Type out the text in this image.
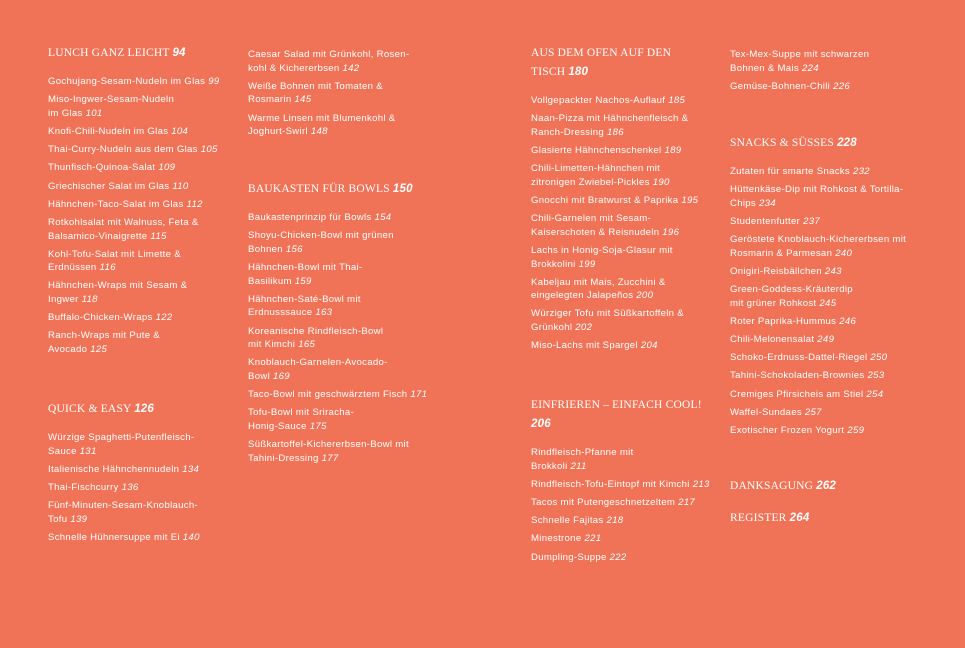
LUNCH GANZ LEICHT 94
Gochujang-Sesam-Nudeln im Glas 99
Miso-Ingwer-Sesam-Nudeln
im Glas 101
Knofi-Chili-Nudeln im Glas 104
Thai-Curry-Nudeln aus dem Glas 105
Thunfisch-Quinoa-Salat 109
Griechischer Salat im Glas 110
Hähnchen-Taco-Salat im Glas 112
Rotkohlsalat mit Walnuss, Feta &
Balsamico-Vinaigrette 115
Kohl-Tofu-Salat mit Limette &
Erdnüssen 116
Hähnchen-Wraps mit Sesam &
Ingwer 118
Buffalo-Chicken-Wraps 122
Ranch-Wraps mit Pute &
Avocado 125
QUICK & EASY 126
Würzige Spaghetti-Putenfleisch-
Sauce 131
Italienische Hähnchennudeln 134
Thai-Fischcurry 136
Fünf-Minuten-Sesam-Knoblauch-
Tofu 139
Schnelle Hühnersuppe mit Ei 140
Caesar Salad mit Grünkohl, Rosen-
kohl & Kichererbsen 142
Weiße Bohnen mit Tomaten &
Rosmarin 145
Warme Linsen mit Blumenkohl &
Joghurt-Swirl 148
BAUKASTEN FÜR BOWLS 150
Baukastenprinzip für Bowls 154
Shoyu-Chicken-Bowl mit grünen
Bohnen 156
Hähnchen-Bowl mit Thai-
Basilikum 159
Hähnchen-Saté-Bowl mit
Erdnusssauce 163
Koreanische Rindfleisch-Bowl
mit Kimchi 165
Knoblauch-Garnelen-Avocado-
Bowl 169
Taco-Bowl mit geschwärztem Fisch 171
Tofu-Bowl mit Sriracha-
Honig-Sauce 175
Süßkartoffel-Kichererbsen-Bowl mit
Tahini-Dressing 177
AUS DEM OFEN AUF DEN TISCH 180
Vollgepackter Nachos-Auflauf 185
Naan-Pizza mit Hähnchenfleisch &
Ranch-Dressing 186
Glasierte Hähnchenschenkel 189
Chili-Limetten-Hähnchen mit
zitronigen Zwiebel-Pickles 190
Gnocchi mit Bratwurst & Paprika 195
Chili-Garnelen mit Sesam-
Kaiserschoten & Reisnudeln 196
Lachs in Honig-Soja-Glasur mit
Brokkolini 199
Kabeljau mit Mais, Zucchini &
eingelegten Jalapeños 200
Würziger Tofu mit Süßkartoffeln &
Grünkohl 202
Miso-Lachs mit Spargel 204
EINFRIEREN – EINFACH COOL! 206
Rindfleisch-Pfanne mit
Brokkoli 211
Rindfleisch-Tofu-Eintopf mit Kimchi 213
Tacos mit Putengeschnetzeltem 217
Schnelle Fajitas 218
Minestrone 221
Dumpling-Suppe 222
Tex-Mex-Suppe mit schwarzen
Bohnen & Mais 224
Gemüse-Bohnen-Chili 226
SNACKS & SÜSSES 228
Zutaten für smarte Snacks 232
Hüttenkäse-Dip mit Rohkost & Tortilla-
Chips 234
Studentenfutter 237
Geröstete Knoblauch-Kichererbsen mit
Rosmarin & Parmesan 240
Onigiri-Reisbällchen 243
Green-Goddess-Kräuterdip
mit grüner Rohkost 245
Roter Paprika-Hummus 246
Chili-Melonensalat 249
Schoko-Erdnuss-Dattel-Riegel 250
Tahini-Schokoladen-Brownies 253
Cremiges Pfirsicheis am Stiel 254
Waffel-Sundaes 257
Exotischer Frozen Yogurt 259
DANKSAGUNG 262
REGISTER 264
